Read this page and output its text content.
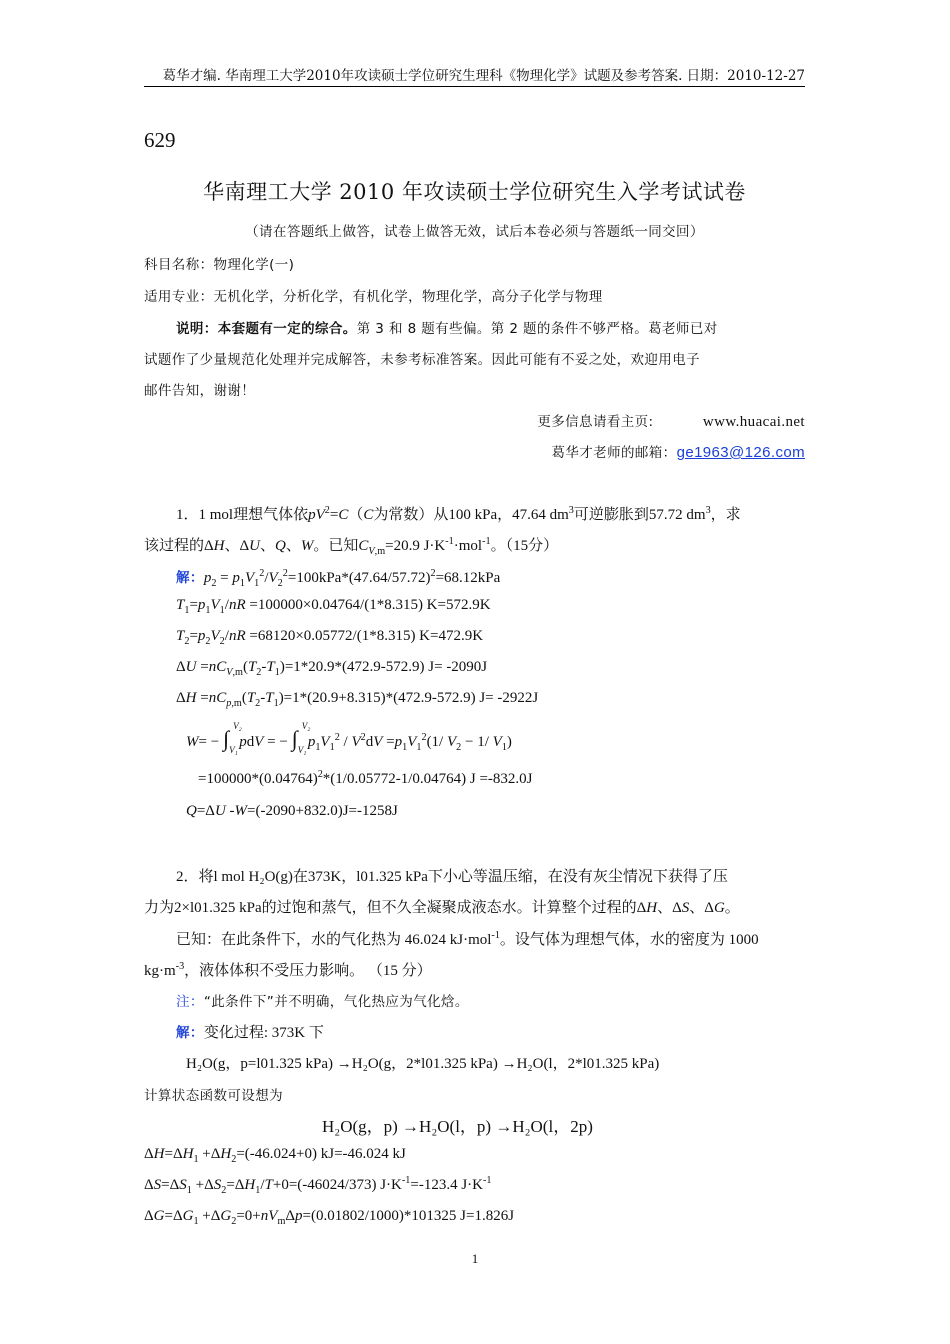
葛华才编. 华南理工大学2010年攻读硕士学位研究生理科《物理化学》试题及参考答案. 日期：2010-12-27
629
华南理工大学 2010 年攻读硕士学位研究生入学考试试卷
（请在答题纸上做答，试卷上做答无效，试后本卷必须与答题纸一同交回）
科目名称：物理化学(一)
适用专业：无机化学，分析化学，有机化学，物理化学，高分子化学与物理
说明：本套题有一定的综合。第 3 和 8 题有些偏。第 2 题的条件不够严格。葛老师已对
试题作了少量规范化处理并完成解答，未参考标准答案。因此可能有不妥之处，欢迎用电子
邮件告知，谢谢！
更多信息请看主页:	www.huacai.net
葛华才老师的邮箱：ge1963@126.com
1．1 mol理想气体依$pV^2=C(C$为常数）从100 kPa，47.64 $dm^3$可逆膨胀到57.72 $dm^3$，求
该过程的ΔH、ΔU、Q、W。已知$C_{V,m}=20.9$ $J\cdot K^{-1}\cdot mol^{-1}$。（15分）
解：$p_2 = p_1V_1^2/V_2^2=100kPa*(47.64/57.72)^2=68.12kPa$
$T_1=p_1V_1/nR =100000\times 0.04764/(1*8.315)$ K=572.9K
$T_2=p_2V_2/nR =68120\times 0.05772/(1*8.315)$ K=472.9K
$\Delta U =nC_{V,m}(T_2-T_1)=1*20.9*(472.9-572.9)$ J= -2090J
$\Delta H =nC_{p,m}(T_2-T_1)=1*(20.9+8.315)*(472.9-572.9)$ J= -2922J
W= − ∫ V₂
V₁ pdV = − ∫ V₂
V₁ $p_1V_1^2 / V^2dV =p_1V_1^2(1/$ $V_2 - 1/$ $V_1$)
$=100000*(0.04764)^2*(1/0.05772-1/0.04764)$ J =-832.0J
Q=ΔU -W=(-2090+832.0)J=-1258J
2．将l mol H₂O(g)在373K，l01.325 kPa下小心等温压缩，在没有灰尘情况下获得了压
力为2×l01.325 kPa的过饱和蒸气，但不久全凝聚成液态水。计算整个过程的ΔH、ΔS、ΔG。
已知：在此条件下，水的气化热为 46.024 kJ·mol$^{-1}$。设气体为理想气体，水的密度为 1000
$kg\cdot m^{-3}$，液体体积不受压力影响。 （15 分）
注：“此条件下”并不明确，气化热应为气化焓。
解：变化过程: 373K 下
H₂O(g，p=l01.325 kPa) →H₂O(g，2*l01.325 kPa) →H₂O(l，2*l01.325 kPa)
计算状态函数可设想为
H₂O(g，p) →H₂O(l，p) →H₂O(l，2p)
$\Delta H=\Delta H_1 +\Delta H_2=(-46.024+0)$ kJ=-46.024 kJ
$\Delta S=\Delta S_1 +\Delta S_2=\Delta H_1/T+0=(-46024/373)$ $J\cdot K^{-1}=-123.4$ $J\cdot K^{-1}$
$\Delta G=\Delta G_1 +\Delta G_2=0+nV_m\Delta p=(0.01802/1000)*101325$ J=1.826J
1
